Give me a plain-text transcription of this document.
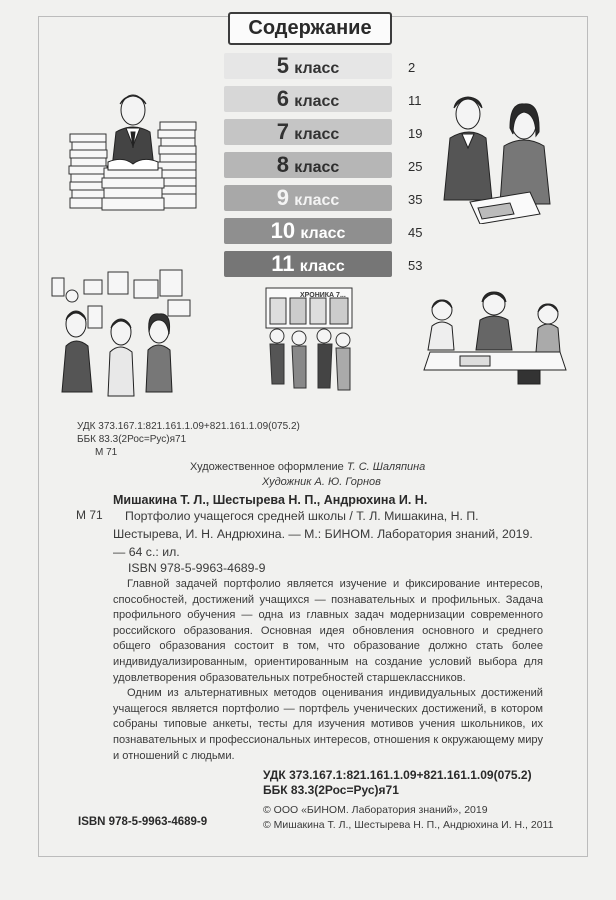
Содержание
5 класс	2
6 класс	11
7 класс	19
8 класс	25
9 класс	35
10 класс	45
11 класс	53
ХРОНИКА 7...
УДК 373.167.1:821.161.1.09+821.161.1.09(075.2)
ББК 83.3(2Рос=Рус)я71
М 71
Художественное оформление Т. С. Шаляпина
Художник А. Ю. Горнов
Мишакина Т. Л., Шестырева Н. П., Андрюхина И. Н.
М 71	Портфолио учащегося средней школы / Т. Л. Мишакина, Н. П. Шестырева, И. Н. Андрюхина. — М.: БИНОМ. Лаборатория знаний, 2019. — 64 с.: ил.
ISBN 978-5-9963-4689-9

Главной задачей портфолио является изучение и фиксирование интересов, способностей, достижений учащихся — познавательных и профильных. Задача профильного обучения — одна из главных задач модернизации современного российского образования. Основная идея обновления основного и среднего общего образования состоит в том, что образование должно стать более индивидуализированным, ориентированным на создание условий выбора для удовлетворения образовательных потребностей старшеклассников.

Одним из альтернативных методов оценивания индивидуальных достижений учащегося является портфолио — портфель ученических достижений, в котором собраны типовые анкеты, тесты для изучения мотивов учения школьников, их познавательных и профессиональных интересов, отношения к окружающему миру и отношений с людьми.

УДК 373.167.1:821.161.1.09+821.161.1.09(075.2)
ББК 83.3(2Рос=Рус)я71
ISBN 978-5-9963-4689-9
© ООО «БИНОМ. Лаборатория знаний», 2019
© Мишакина Т. Л., Шестырева Н. П., Андрюхина И. Н., 2011
